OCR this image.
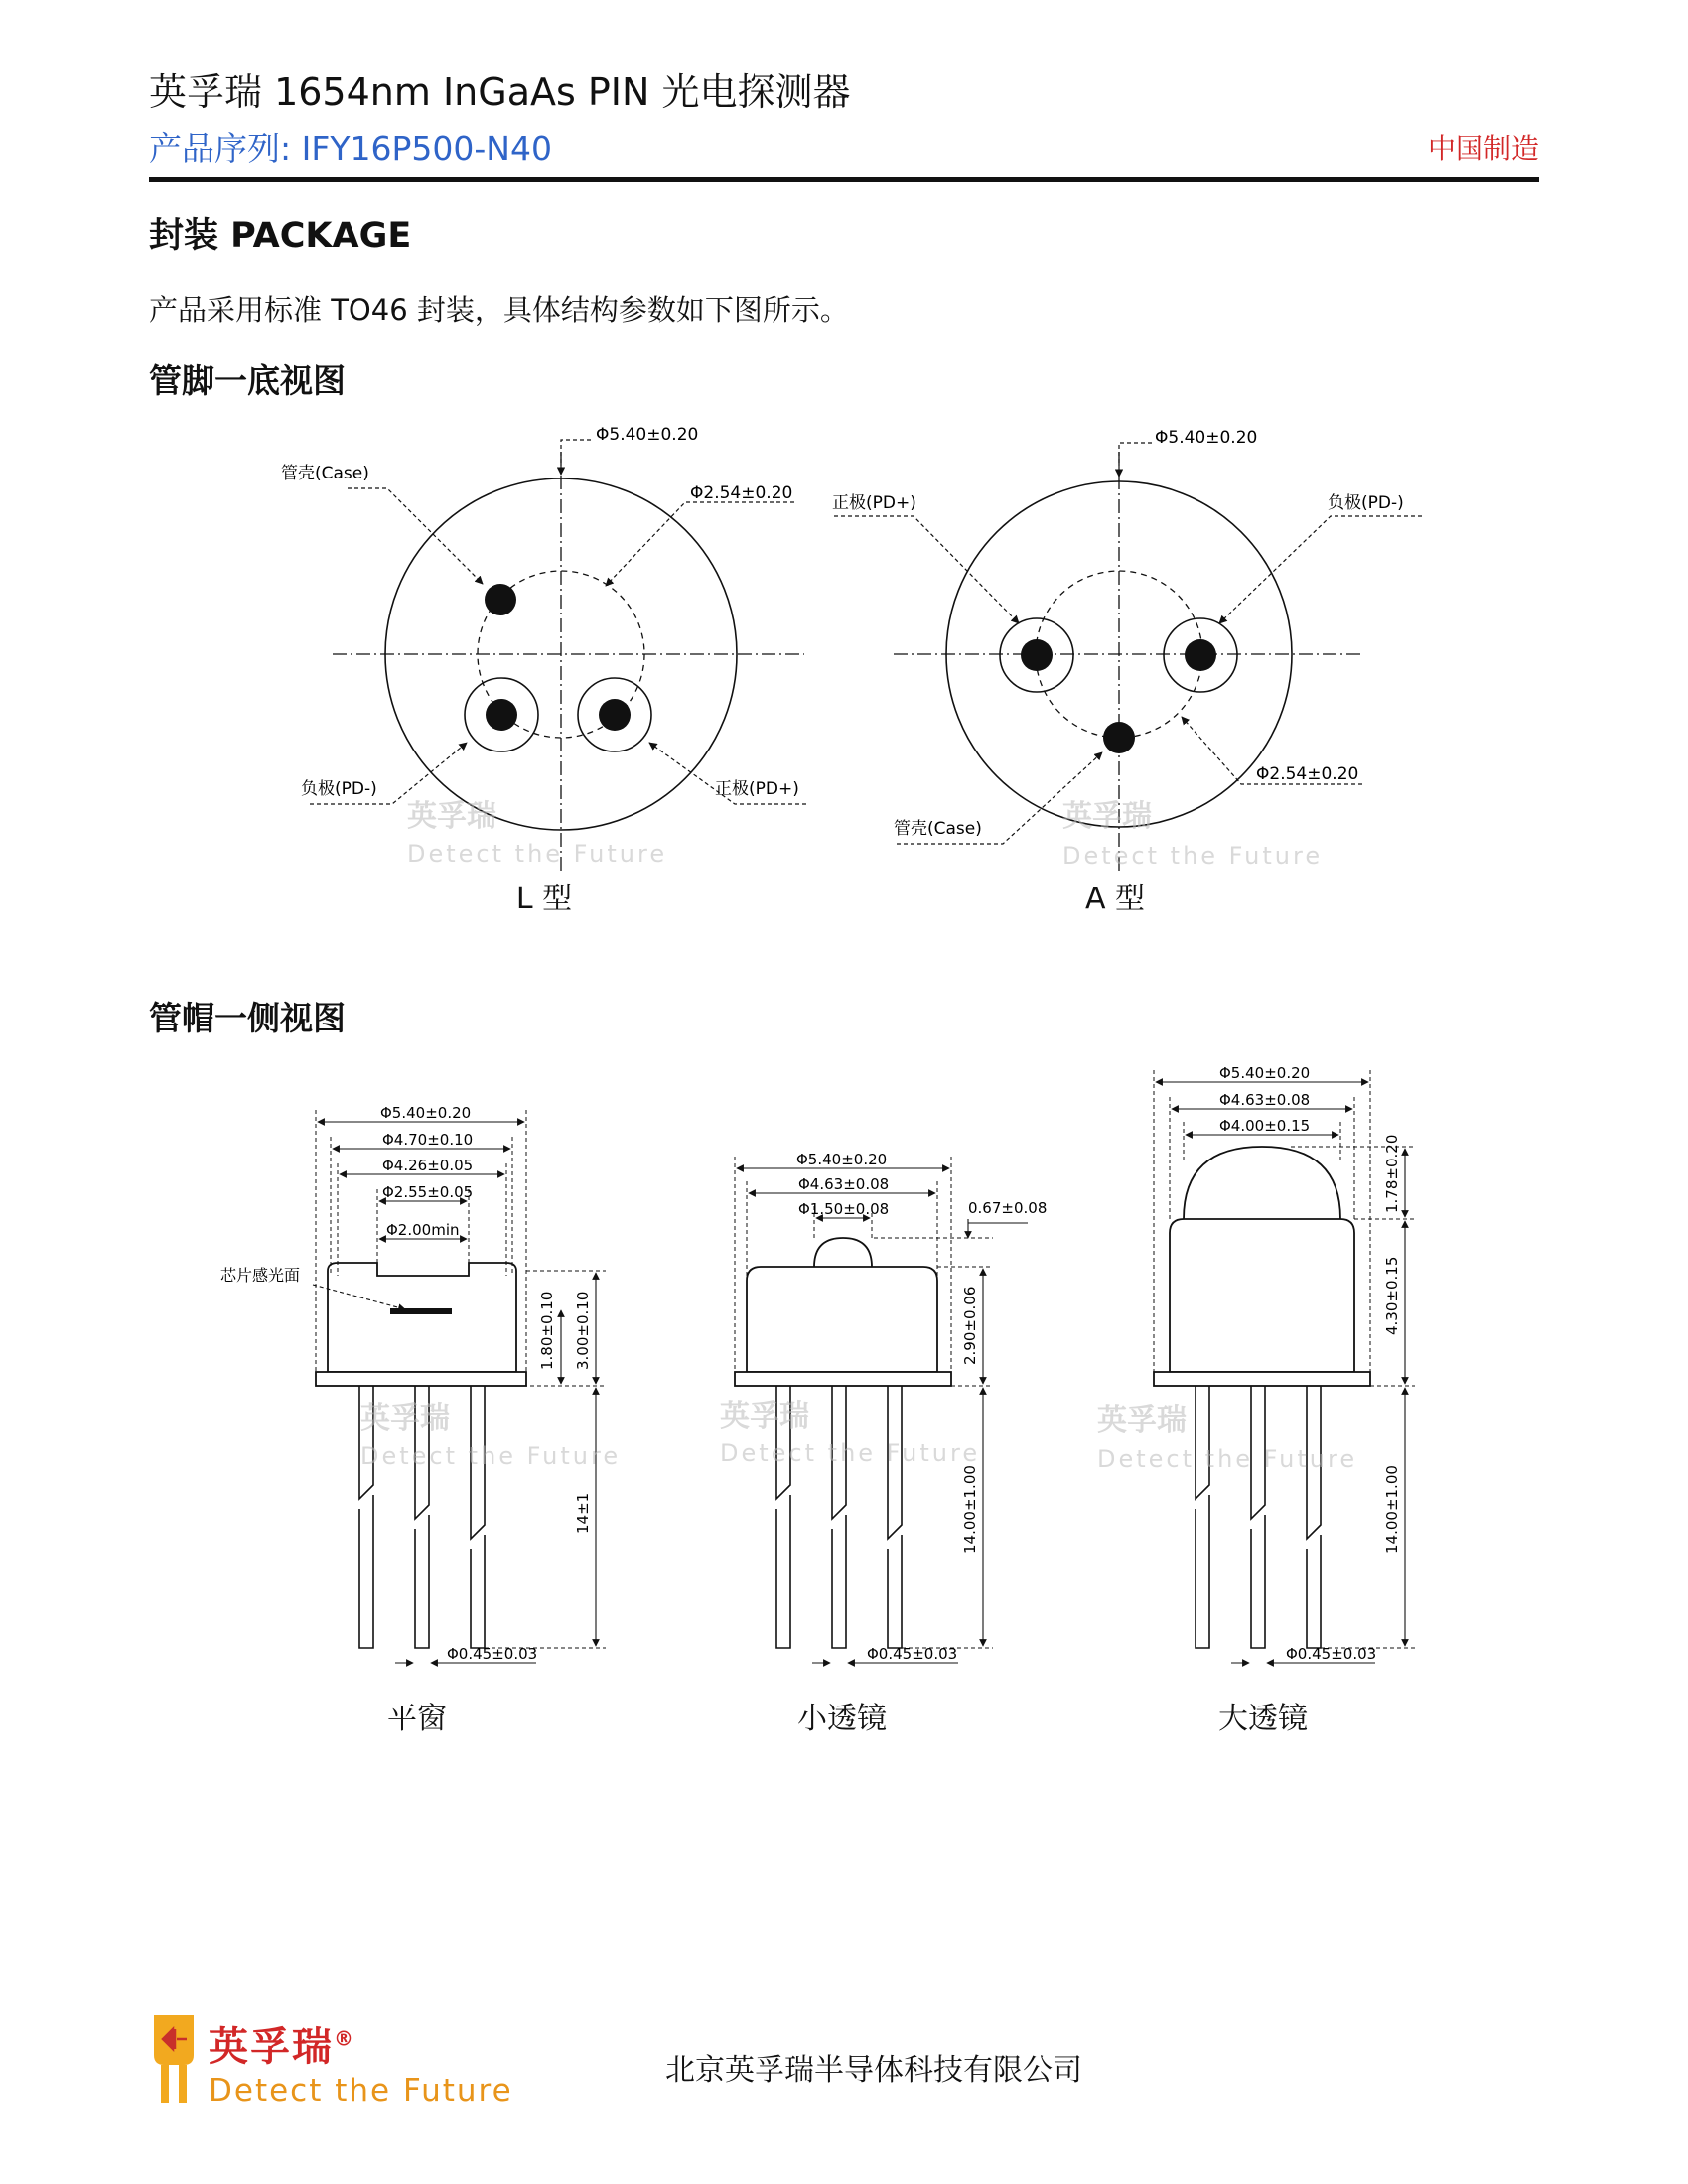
英孚瑞 1654nm InGaAs PIN 光电探测器
产品序列: IFY16P500-N40	中国制造
封装 PACKAGE
产品采用标准 TO46 封装，具体结构参数如下图所示。
管脚一底视图
Φ5.40±0.20
Φ2.54±0.20
管壳(Case)
负极(PD-)	正极(PD+)
Φ5.40±0.20
Φ2.54±0.20
正极(PD+)	负极(PD-)
管壳(Case)
Φ5.40±0.20
Φ4.70±0.10
Φ4.26±0.05
Φ2.55±0.05
Φ2.00min
芯片感光面
1.80±0.10 3.00±0.10
14±1
Φ0.45±0.03
Φ5.40±0.20
Φ4.63±0.08
Φ1.50±0.08	0.67±0.08
2.90±0.06
14.00±1.00
Φ0.45±0.03
Φ5.40±0.20
Φ4.63±0.08
Φ4.00±0.15
1.78±0.20
4.30±0.15
14.00±1.00
Φ0.45±0.03
英孚瑞
Detect the Future
英孚瑞
Detect the Future
英孚瑞
Detect the Future
英孚瑞
Detect the Future
英孚瑞
Detect the Future
L 型	A 型
管帽一侧视图
平窗	小透镜	大透镜
英孚瑞®
Detect the Future
北京英孚瑞半导体科技有限公司
